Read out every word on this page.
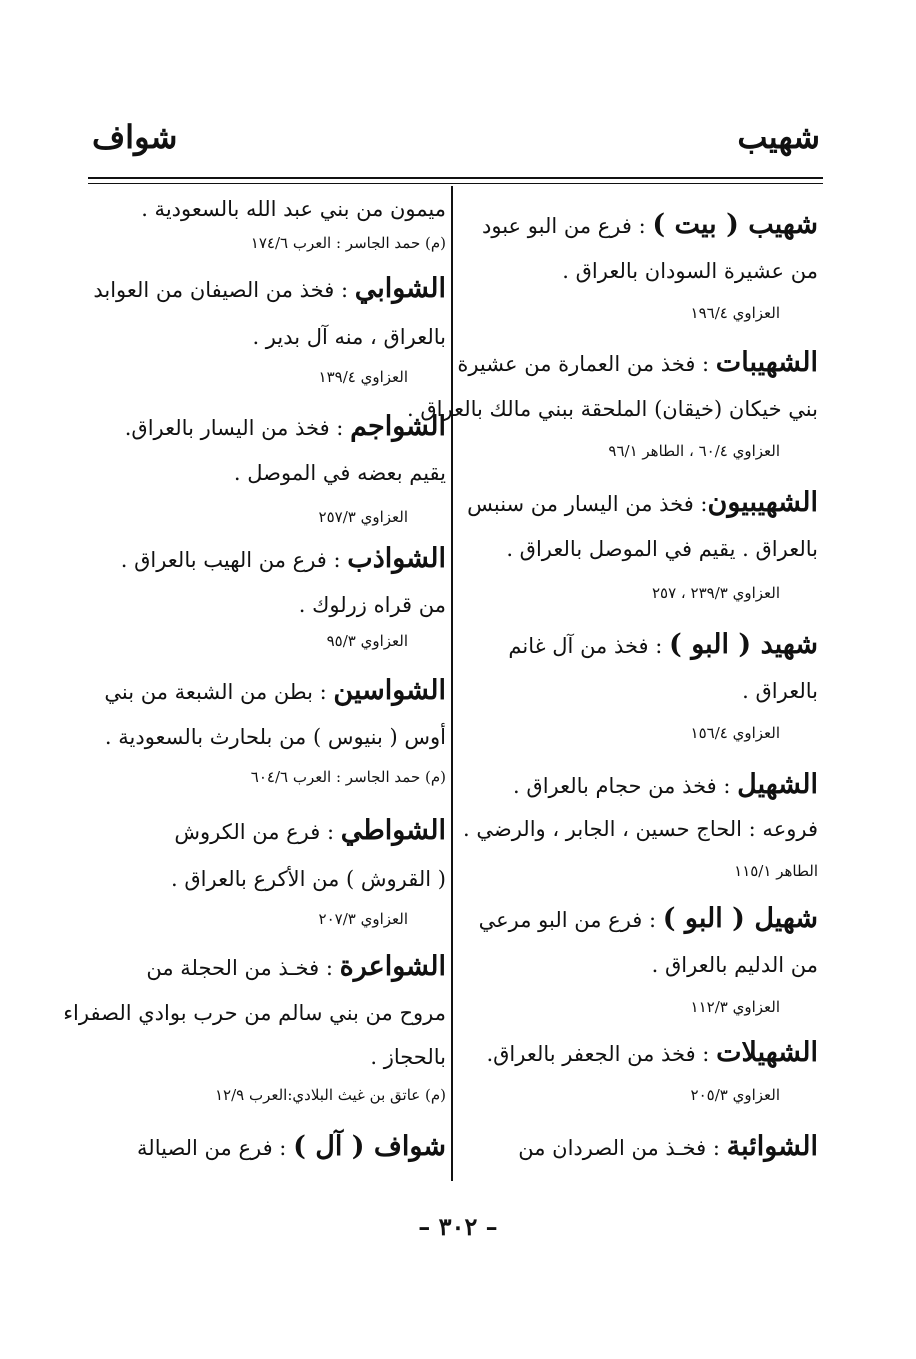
شهيب
شواف
شهيب ( بيت ) : فرع من البو عبود
من عشيرة السودان بالعراق .
العزاوي ١٩٦/٤
الشهيبات : فخذ من العمارة من عشيرة
بني خيكان (خيقان) الملحقة ببني مالك بالعراق .
العزاوي ٦٠/٤ ، الطاهر ٩٦/١
الشهيبيون: فخذ من اليسار من سنبس
بالعراق . يقيم في الموصل بالعراق .
العزاوي ٢٣٩/٣ ، ٢٥٧
شهيد ( البو ) : فخذ من آل غانم
بالعراق .
العزاوي ١٥٦/٤
الشهيل : فخذ من حجام بالعراق .
فروعه : الحاج حسين ، الجابر ، والرضي .
الطاهر ١١٥/١
شهيل ( البو ) : فرع من البو مرعي
من الدليم بالعراق .
العزاوي ١١٢/٣
الشهيلات : فخذ من الجعفر بالعراق.
العزاوي ٢٠٥/٣
الشوائبة : فخـذ من الصردان من
ميمون من بني عبد الله بالسعودية .
(م) حمد الجاسر : العرب ١٧٤/٦
الشوابي : فخذ من الصيفان من العوابد
بالعراق ، منه آل بدير .
العزاوي ١٣٩/٤
الشواجم : فخذ من اليسار بالعراق.
يقيم بعضه في الموصل .
العزاوي ٢٥٧/٣
الشواذب : فرع من الهيب بالعراق .
من قراه زرلوك .
العزاوي ٩٥/٣
الشواسين : بطن من الشبعة من بني
أوس ( بنيوس ) من بلحارث بالسعودية .
(م) حمد الجاسر : العرب ٦٠٤/٦
الشواطي : فرع من الكروش
( القروش ) من الأكرع بالعراق .
العزاوي ٢٠٧/٣
الشواعرة : فخـذ من الحجلة من
مروح من بني سالم من حرب بوادي الصفراء
بالحجاز .
(م) عاتق بن غيث البلادي:العرب ١٢/٩
شواف ( آل ) : فرع من الصيالة
– ٣٠٢ –
